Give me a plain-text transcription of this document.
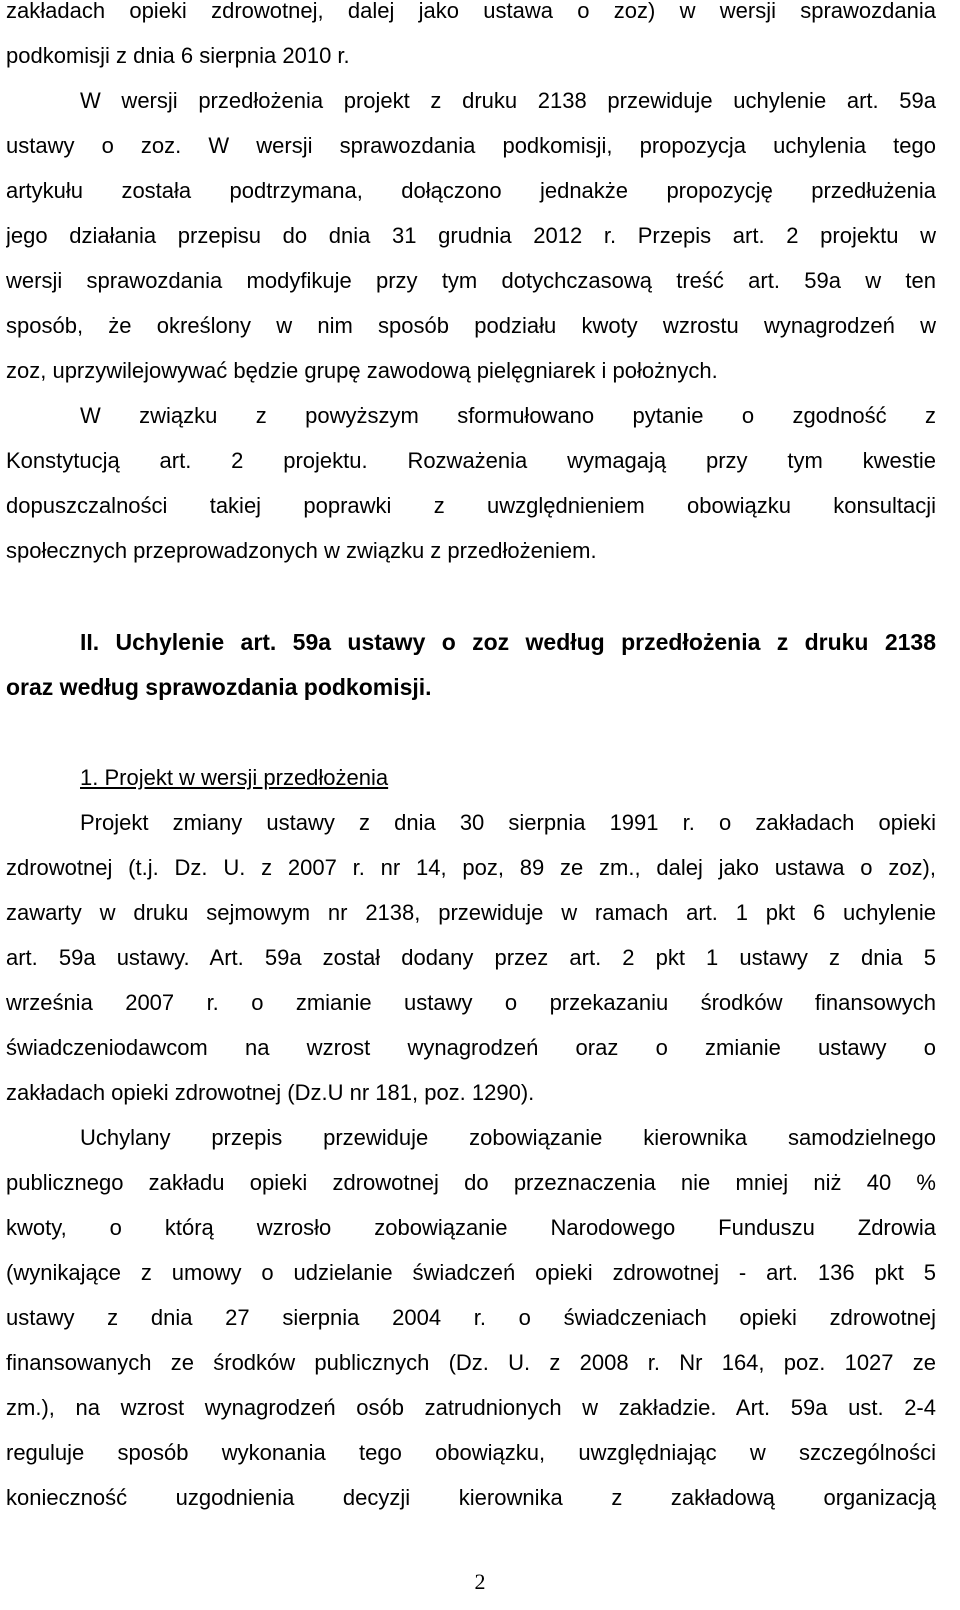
zakładach opieki zdrowotnej, dalej jako ustawa o zoz) w wersji sprawozdania
podkomisji z dnia 6 sierpnia 2010 r.
W wersji przedłożenia projekt z druku 2138 przewiduje uchylenie art. 59a
ustawy o zoz. W wersji sprawozdania podkomisji, propozycja uchylenia tego
artykułu została podtrzymana, dołączono jednakże propozycję przedłużenia
jego działania przepisu do dnia 31 grudnia 2012 r. Przepis art. 2 projektu w
wersji sprawozdania modyfikuje przy tym dotychczasową treść art. 59a w ten
sposób, że określony w nim sposób podziału kwoty wzrostu wynagrodzeń w
zoz, uprzywilejowywać będzie grupę zawodową pielęgniarek i położnych.
W związku z powyższym sformułowano pytanie o zgodność z
Konstytucją art. 2 projektu. Rozważenia wymagają przy tym kwestie
dopuszczalności takiej poprawki z uwzględnieniem obowiązku konsultacji
społecznych przeprowadzonych w związku z przedłożeniem.
II. Uchylenie art. 59a ustawy o zoz według przedłożenia z druku 2138
oraz według sprawozdania podkomisji.
1. Projekt w wersji przedłożenia
Projekt zmiany ustawy z dnia 30 sierpnia 1991 r. o zakładach opieki
zdrowotnej (t.j. Dz. U. z 2007 r. nr 14, poz, 89 ze zm., dalej jako ustawa o zoz),
zawarty w druku sejmowym nr 2138, przewiduje w ramach art. 1 pkt 6 uchylenie
art. 59a ustawy. Art. 59a został dodany przez art. 2 pkt 1 ustawy z dnia 5
września 2007 r. o zmianie ustawy o przekazaniu środków finansowych
świadczeniodawcom na wzrost wynagrodzeń oraz o zmianie ustawy o
zakładach opieki zdrowotnej (Dz.U nr 181, poz. 1290).
Uchylany przepis przewiduje zobowiązanie kierownika samodzielnego
publicznego zakładu opieki zdrowotnej do przeznaczenia nie mniej niż 40 %
kwoty, o którą wzrosło zobowiązanie Narodowego Funduszu Zdrowia
(wynikające z umowy o udzielanie świadczeń opieki zdrowotnej - art. 136 pkt 5
ustawy z dnia 27 sierpnia 2004 r. o świadczeniach opieki zdrowotnej
finansowanych ze środków publicznych (Dz. U. z 2008 r. Nr 164, poz. 1027 ze
zm.), na wzrost wynagrodzeń osób zatrudnionych w zakładzie. Art. 59a ust. 2-4
reguluje sposób wykonania tego obowiązku, uwzględniając w szczególności
konieczność uzgodnienia decyzji kierownika z zakładową organizacją
2
